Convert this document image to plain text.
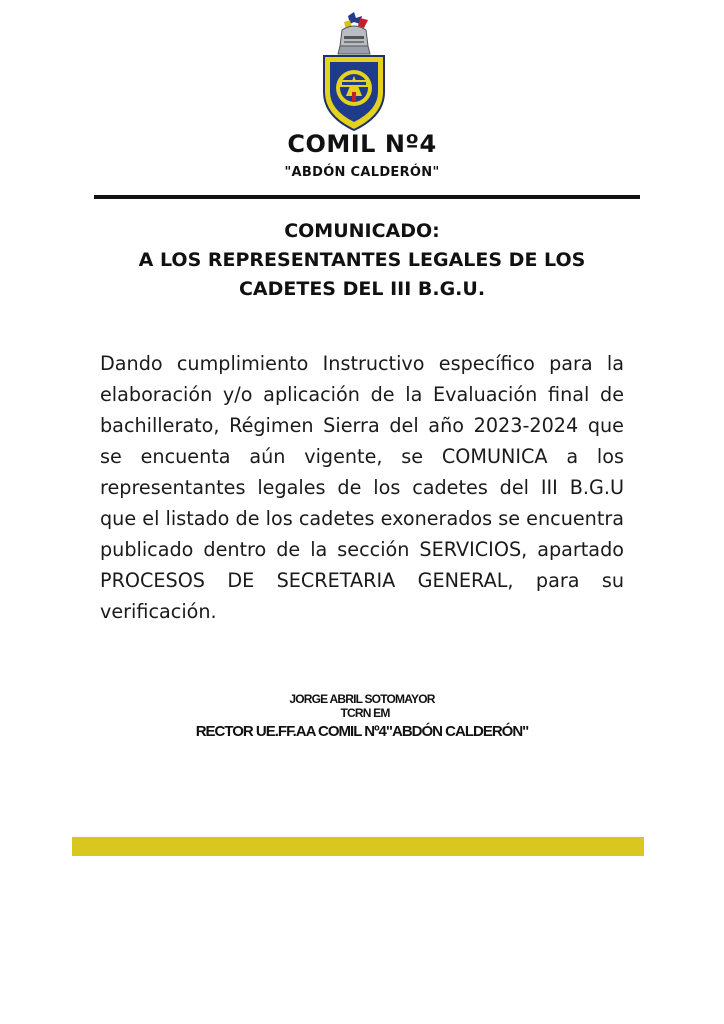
COMIL Nº4
"ABDÓN CALDERÓN"
COMUNICADO:
A LOS REPRESENTANTES LEGALES DE LOS
CADETES DEL III B.G.U.

Dando cumplimiento Instructivo específico para la elaboración y/o aplicación de la Evaluación final de bachillerato, Régimen Sierra del año 2023-2024 que se encuenta aún vigente, se COMUNICA a los representantes legales de los cadetes del III B.G.U que el listado de los cadetes exonerados se encuentra publicado dentro de la sección SERVICIOS, apartado PROCESOS DE SECRETARIA GENERAL, para su verificación.

JORGE ABRIL SOTOMAYOR
TCRN EM
RECTOR UE.FF.AA COMIL Nº4"ABDÓN CALDERÓN"
